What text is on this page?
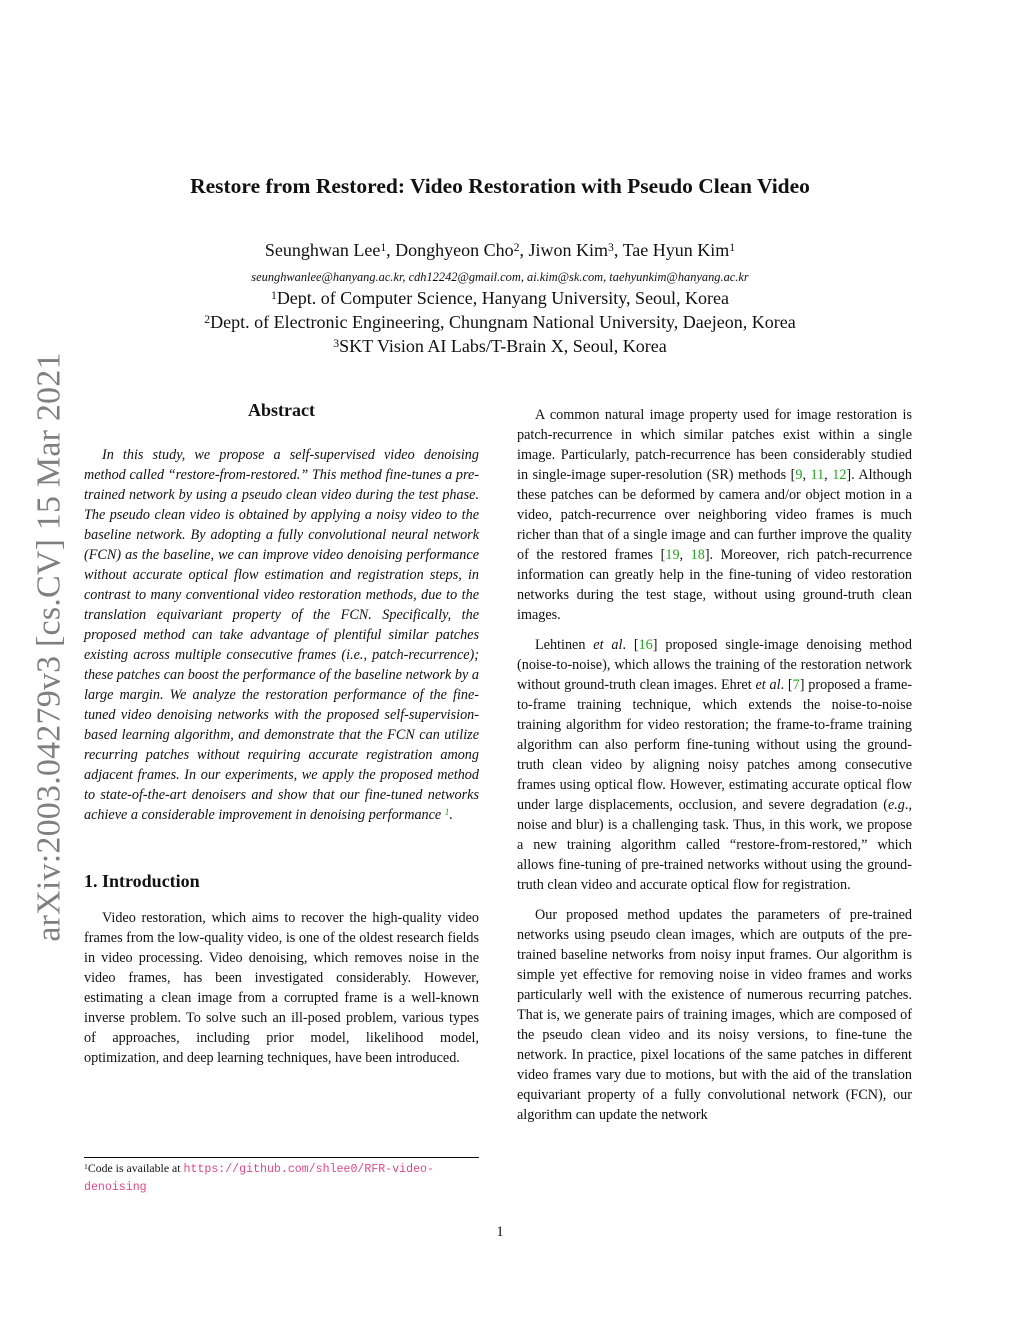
arXiv:2003.04279v3 [cs.CV] 15 Mar 2021
Restore from Restored: Video Restoration with Pseudo Clean Video
Seunghwan Lee$^1$, Donghyeon Cho$^2$, Jiwon Kim$^3$, Tae Hyun Kim$^1$
seunghwanlee@hanyang.ac.kr, cdh12242@gmail.com, ai.kim@sk.com, taehyunkim@hanyang.ac.kr
$^1$Dept. of Computer Science, Hanyang University, Seoul, Korea
$^2$Dept. of Electronic Engineering, Chungnam National University, Daejeon, Korea
$^3$SKT Vision AI Labs/T-Brain X, Seoul, Korea
Abstract

In this study, we propose a self-supervised video denoising method called “restore-from-restored.” This method fine-tunes a pre-trained network by using a pseudo clean video during the test phase. The pseudo clean video is obtained by applying a noisy video to the baseline network. By adopting a fully convolutional neural network (FCN) as the baseline, we can improve video denoising performance without accurate optical flow estimation and registration steps, in contrast to many conventional video restoration methods, due to the translation equivariant property of the FCN. Specifically, the proposed method can take advantage of plentiful similar patches existing across multiple consecutive frames (i.e., patch-recurrence); these patches can boost the performance of the baseline network by a large margin. We analyze the restoration performance of the fine-tuned video denoising networks with the proposed self-supervision-based learning algorithm, and demonstrate that the FCN can utilize recurring patches without requiring accurate registration among adjacent frames. In our experiments, we apply the proposed method to state-of-the-art denoisers and show that our fine-tuned networks achieve a considerable improvement in denoising performance $^1$.

1. Introduction

Video restoration, which aims to recover the high-quality video frames from the low-quality video, is one of the oldest research fields in video processing. Video denoising, which removes noise in the video frames, has been investigated considerably. However, estimating a clean image from a corrupted frame is a well-known inverse problem. To solve such an ill-posed problem, various types of approaches, including prior model, likelihood model, optimization, and deep learning techniques, have been introduced.

A common natural image property used for image restoration is patch-recurrence in which similar patches exist within a single image. Particularly, patch-recurrence has been considerably studied in single-image super-resolution (SR) methods [9, 11, 12]. Although these patches can be deformed by camera and/or object motion in a video, patch-recurrence over neighboring video frames is much richer than that of a single image and can further improve the quality of the restored frames [19, 18]. Moreover, rich patch-recurrence information can greatly help in the fine-tuning of video restoration networks during the test stage, without using ground-truth clean images.

Lehtinen et al. [16] proposed single-image denoising method (noise-to-noise), which allows the training of the restoration network without ground-truth clean images. Ehret et al. [7] proposed a frame-to-frame training technique, which extends the noise-to-noise training algorithm for video restoration; the frame-to-frame training algorithm can also perform fine-tuning without using the ground-truth clean video by aligning noisy patches among consecutive frames using optical flow. However, estimating accurate optical flow under large displacements, occlusion, and severe degradation (e.g., noise and blur) is a challenging task. Thus, in this work, we propose a new training algorithm called “restore-from-restored,” which allows fine-tuning of pre-trained networks without using the ground-truth clean video and accurate optical flow for registration.

Our proposed method updates the parameters of pre-trained networks using pseudo clean images, which are outputs of the pre-trained baseline networks from noisy input frames. Our algorithm is simple yet effective for removing noise in video frames and works particularly well with the existence of numerous recurring patches. That is, we generate pairs of training images, which are composed of the pseudo clean video and its noisy versions, to fine-tune the network. In practice, pixel locations of the same patches in different video frames vary due to motions, but with the aid of the translation equivariant property of a fully convolutional network (FCN), our algorithm can update the network

$^1$Code is available at https://github.com/shlee0/RFR-video-denoising
1
